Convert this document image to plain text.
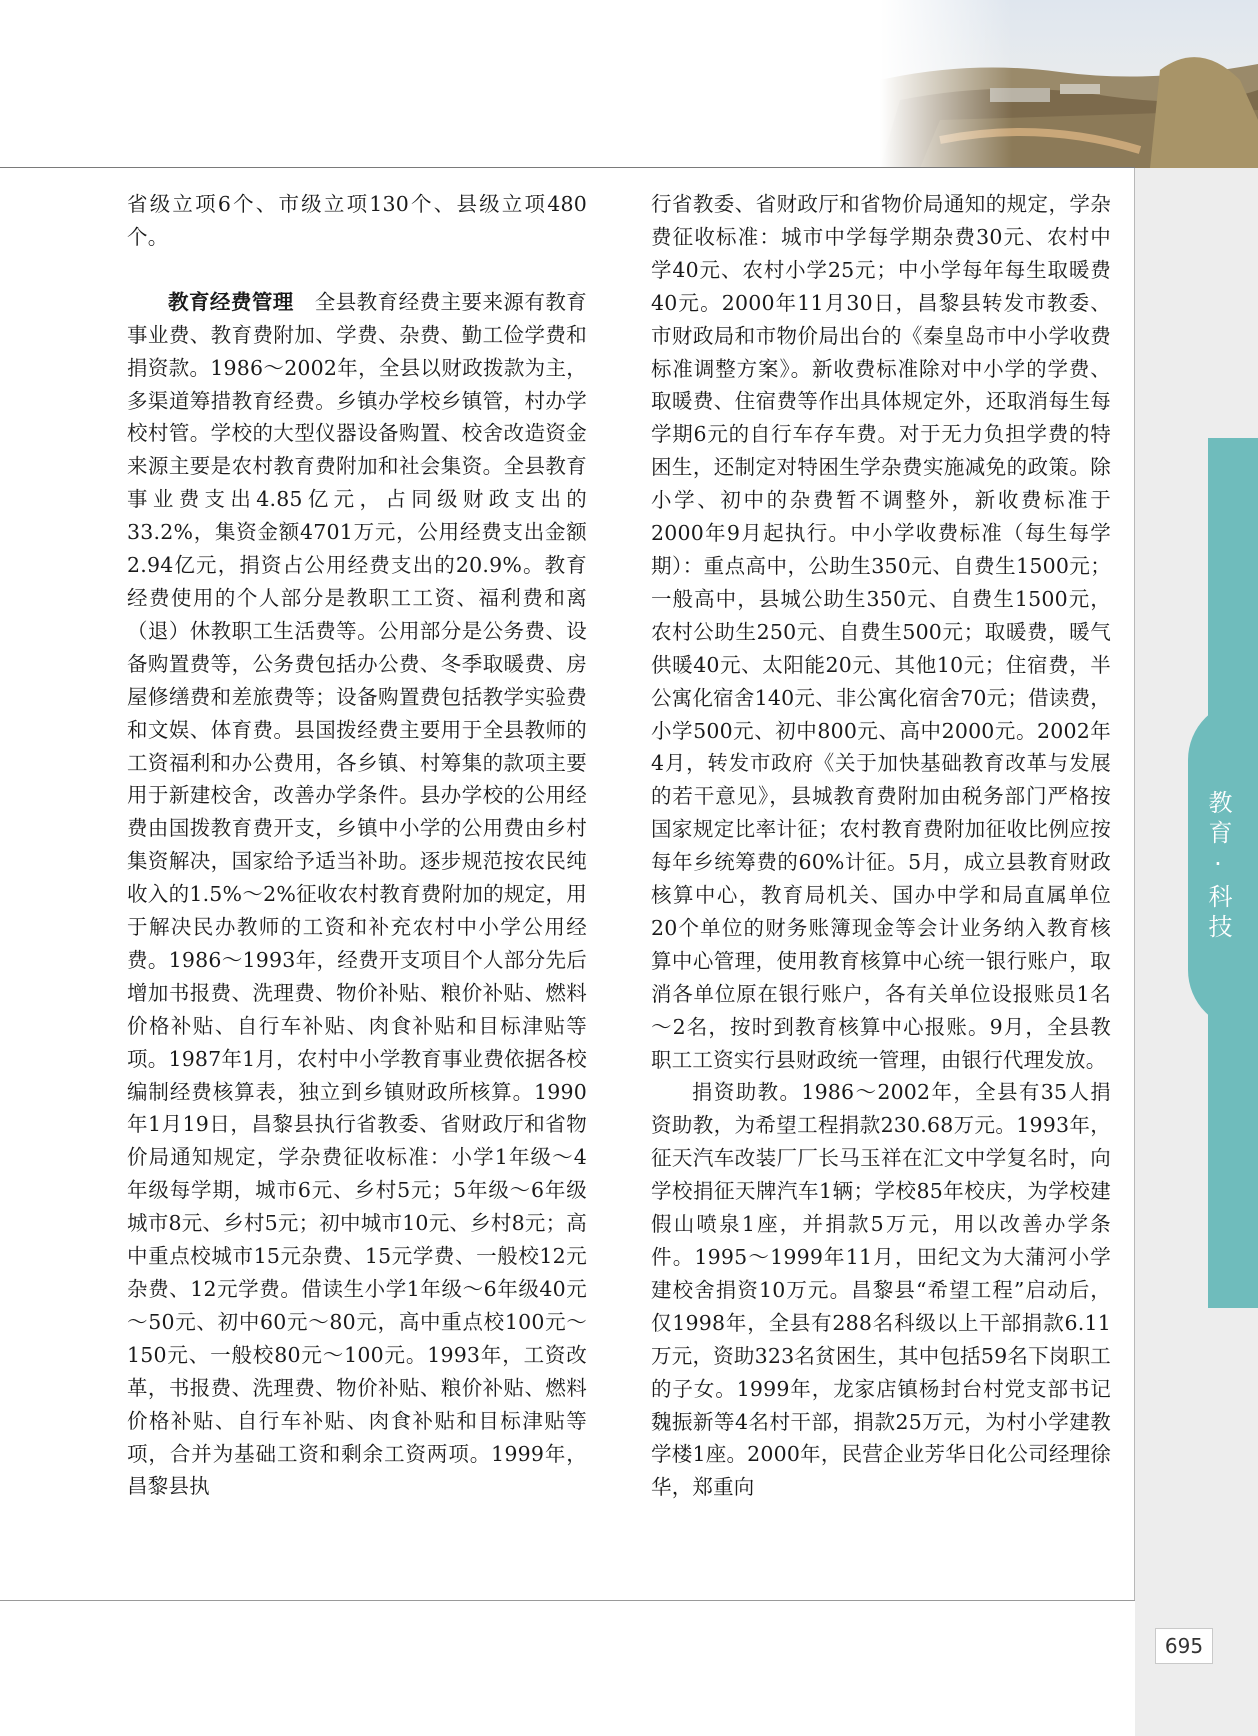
教育·科技

省级立项6个、市级立项130个、县级立项480个。

教育经费管理　 全县教育经费主要来源有教育事业费、教育费附加、学费、杂费、勤工俭学费和捐资款。1986～2002年，全县以财政拨款为主，多渠道筹措教育经费。乡镇办学校乡镇管，村办学校村管。学校的大型仪器设备购置、校舍改造资金来源主要是农村教育费附加和社会集资。全县教育事业费支出4.85亿元，占同级财政支出的33.2%，集资金额4701万元，公用经费支出金额2.94亿元，捐资占公用经费支出的20.9%。教育经费使用的个人部分是教职工工资、福利费和离（退）休教职工生活费等。公用部分是公务费、设备购置费等，公务费包括办公费、冬季取暖费、房屋修缮费和差旅费等；设备购置费包括教学实验费和文娱、体育费。县国拨经费主要用于全县教师的工资福利和办公费用，各乡镇、村筹集的款项主要用于新建校舍，改善办学条件。县办学校的公用经费由国拨教育费开支，乡镇中小学的公用费由乡村集资解决，国家给予适当补助。逐步规范按农民纯收入的1.5%～2%征收农村教育费附加的规定，用于解决民办教师的工资和补充农村中小学公用经费。1986～1993年，经费开支项目个人部分先后增加书报费、洗理费、物价补贴、粮价补贴、燃料价格补贴、自行车补贴、肉食补贴和目标津贴等项。1987年1月，农村中小学教育事业费依据各校编制经费核算表，独立到乡镇财政所核算。1990年1月19日，昌黎县执行省教委、省财政厅和省物价局通知规定，学杂费征收标准：小学1年级～4年级每学期，城市6元、乡村5元；5年级～6年级城市8元、乡村5元；初中城市10元、乡村8元；高中重点校城市15元杂费、15元学费、一般校12元杂费、12元学费。借读生小学1年级～6年级40元～50元、初中60元～80元，高中重点校100元～150元、一般校80元～100元。1993年，工资改革，书报费、洗理费、物价补贴、粮价补贴、燃料价格补贴、自行车补贴、肉食补贴和目标津贴等项，合并为基础工资和剩余工资两项。1999年，昌黎县执

行省教委、省财政厅和省物价局通知的规定，学杂费征收标准：城市中学每学期杂费30元、农村中学40元、农村小学25元；中小学每年每生取暖费40元。2000年11月30日，昌黎县转发市教委、市财政局和市物价局出台的《秦皇岛市中小学收费标准调整方案》。新收费标准除对中小学的学费、取暖费、住宿费等作出具体规定外，还取消每生每学期6元的自行车存车费。对于无力负担学费的特困生，还制定对特困生学杂费实施减免的政策。除小学、初中的杂费暂不调整外，新收费标准于2000年9月起执行。中小学收费标准（每生每学期）：重点高中，公助生350元、自费生1500元；一般高中，县城公助生350元、自费生1500元，农村公助生250元、自费生500元；取暖费，暖气供暖40元、太阳能20元、其他10元；住宿费，半公寓化宿舍140元、非公寓化宿舍70元；借读费，小学500元、初中800元、高中2000元。2002年4月，转发市政府《关于加快基础教育改革与发展的若干意见》，县城教育费附加由税务部门严格按国家规定比率计征；农村教育费附加征收比例应按每年乡统筹费的60%计征。5月，成立县教育财政核算中心，教育局机关、国办中学和局直属单位20个单位的财务账簿现金等会计业务纳入教育核算中心管理，使用教育核算中心统一银行账户，取消各单位原在银行账户，各有关单位设报账员1名～2名，按时到教育核算中心报账。9月，全县教职工工资实行县财政统一管理，由银行代理发放。

捐资助教。1986～2002年，全县有35人捐资助教，为希望工程捐款230.68万元。1993年，征天汽车改装厂厂长马玉祥在汇文中学复名时，向学校捐征天牌汽车1辆；学校85年校庆，为学校建假山喷泉1座，并捐款5万元，用以改善办学条件。1995～1999年11月，田纪文为大蒲河小学建校舍捐资10万元。昌黎县“希望工程”启动后，仅1998年，全县有288名科级以上干部捐款6.11万元，资助323名贫困生，其中包括59名下岗职工的子女。1999年，龙家店镇杨封台村党支部书记魏振新等4名村干部，捐款25万元，为村小学建教学楼1座。2000年，民营企业芳华日化公司经理徐华，郑重向

695
